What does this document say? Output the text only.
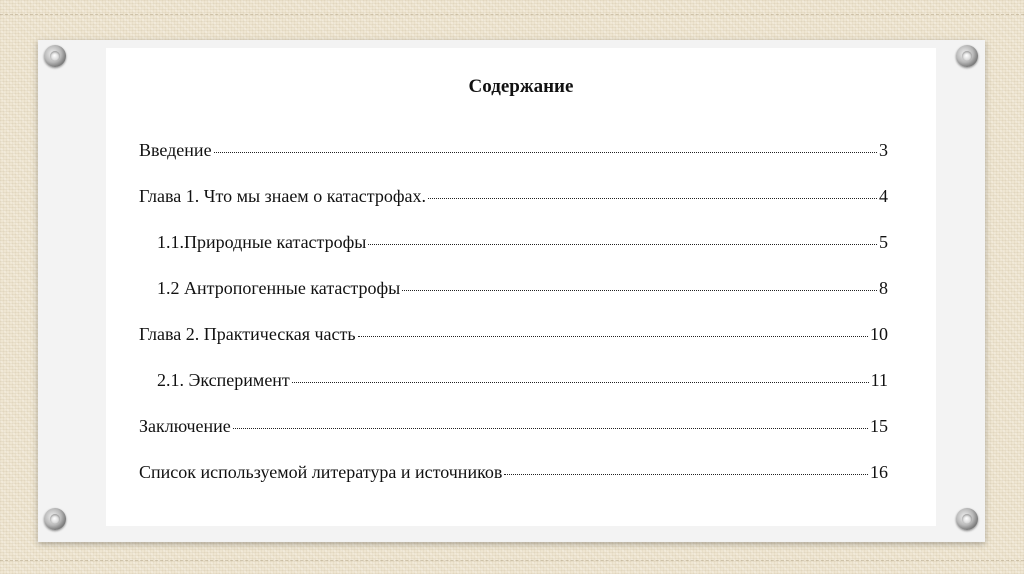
Содержание
Введение	3
Глава 1. Что мы знаем о катастрофах.	4
1.1.Природные катастрофы	5
1.2 Антропогенные катастрофы	8
Глава 2. Практическая часть	10
2.1. Эксперимент	11
Заключение	15
Список используемой литература и источников	16
